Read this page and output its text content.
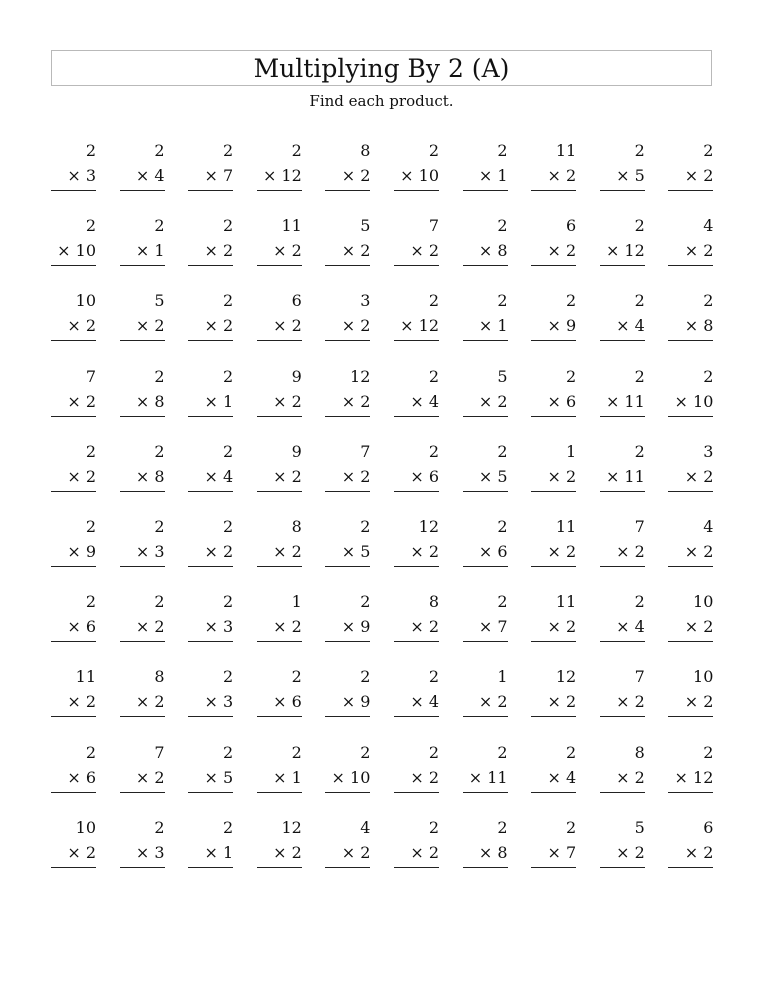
Multiplying By 2 (A)
Find each product.
2
× 3
2
× 4
2
× 7
2
× 12
8
× 2
2
× 10
2
× 1
11
× 2
2
× 5
2
× 2
2
× 10
2
× 1
2
× 2
11
× 2
5
× 2
7
× 2
2
× 8
6
× 2
2
× 12
4
× 2
10
× 2
5
× 2
2
× 2
6
× 2
3
× 2
2
× 12
2
× 1
2
× 9
2
× 4
2
× 8
7
× 2
2
× 8
2
× 1
9
× 2
12
× 2
2
× 4
5
× 2
2
× 6
2
× 11
2
× 10
2
× 2
2
× 8
2
× 4
9
× 2
7
× 2
2
× 6
2
× 5
1
× 2
2
× 11
3
× 2
2
× 9
2
× 3
2
× 2
8
× 2
2
× 5
12
× 2
2
× 6
11
× 2
7
× 2
4
× 2
2
× 6
2
× 2
2
× 3
1
× 2
2
× 9
8
× 2
2
× 7
11
× 2
2
× 4
10
× 2
11
× 2
8
× 2
2
× 3
2
× 6
2
× 9
2
× 4
1
× 2
12
× 2
7
× 2
10
× 2
2
× 6
7
× 2
2
× 5
2
× 1
2
× 10
2
× 2
2
× 11
2
× 4
8
× 2
2
× 12
10
× 2
2
× 3
2
× 1
12
× 2
4
× 2
2
× 2
2
× 8
2
× 7
5
× 2
6
× 2
